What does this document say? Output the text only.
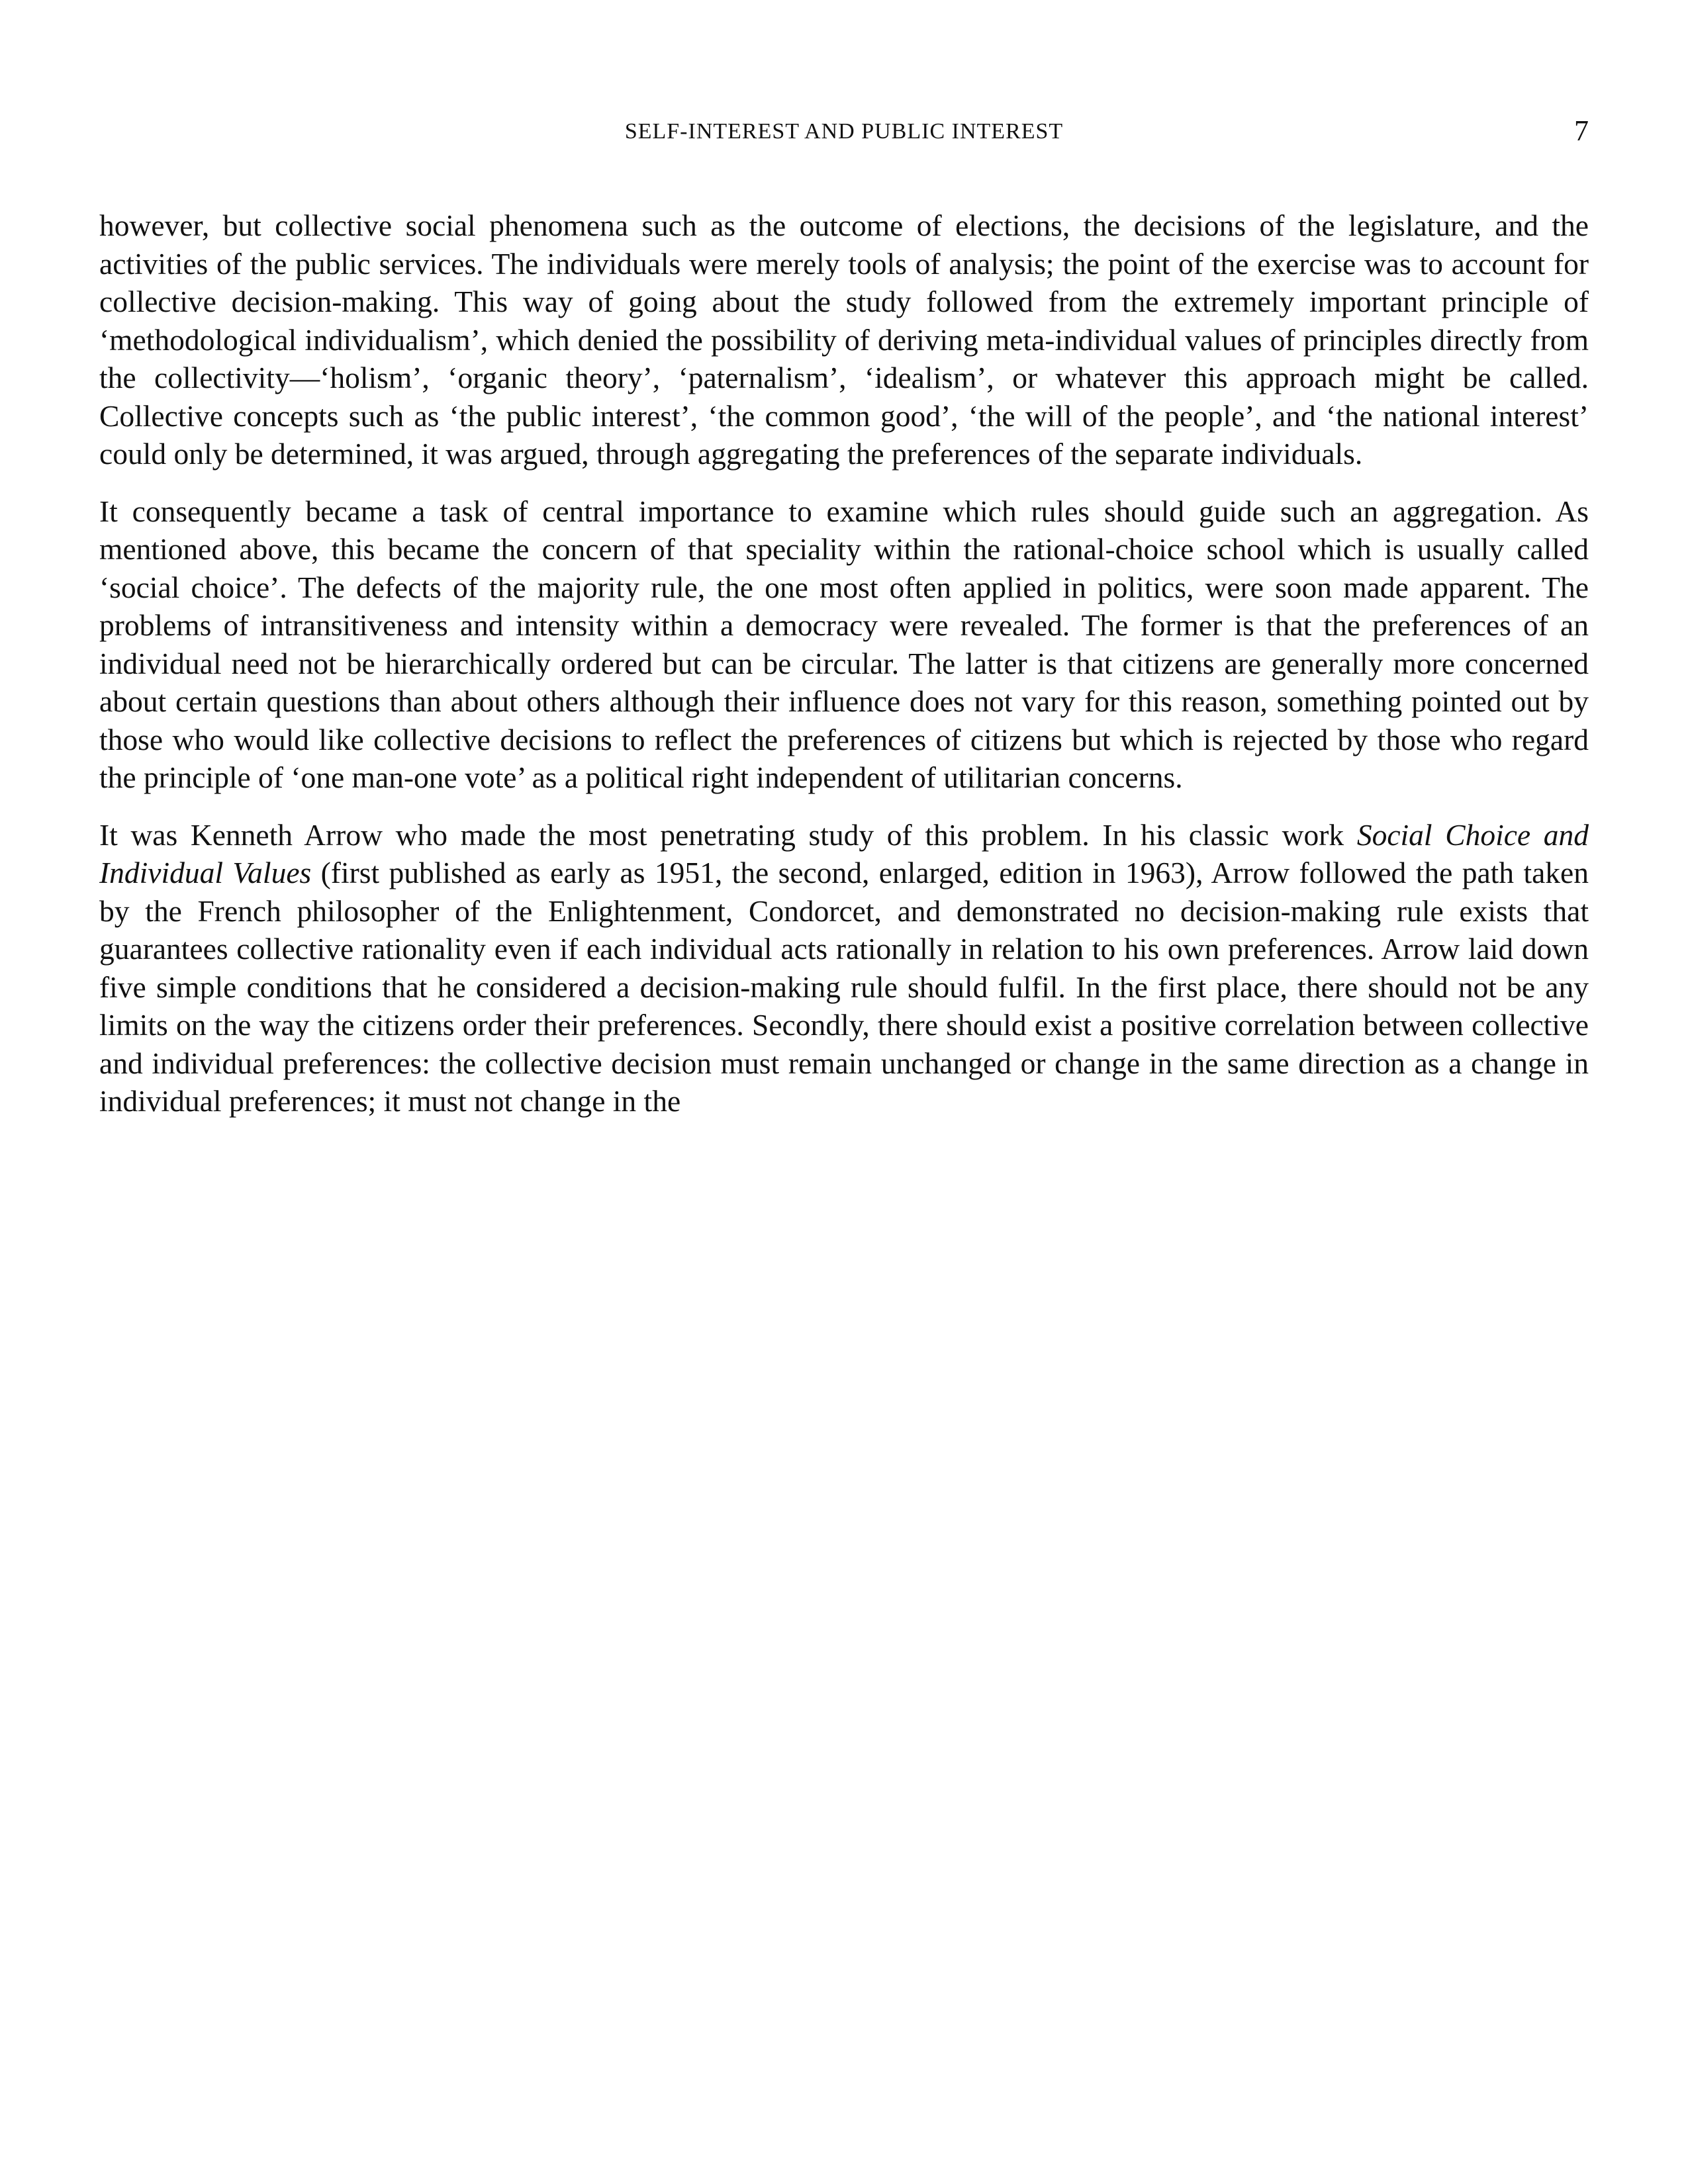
SELF-INTEREST AND PUBLIC INTEREST	7

however, but collective social phenomena such as the outcome of elections, the decisions of the legislature, and the activities of the public services. The individuals were merely tools of analysis; the point of the exercise was to account for collective decision-making. This way of going about the study followed from the extremely important principle of ‘methodological individualism’, which denied the possibility of deriving meta-individual values of principles directly from the collectivity—‘holism’, ‘organic theory’, ‘paternalism’, ‘idealism’, or whatever this approach might be called. Collective concepts such as ‘the public interest’, ‘the common good’, ‘the will of the people’, and ‘the national interest’ could only be determined, it was argued, through aggregating the preferences of the separate individuals.

It consequently became a task of central importance to examine which rules should guide such an aggregation. As mentioned above, this became the concern of that speciality within the rational-choice school which is usually called ‘social choice’. The defects of the majority rule, the one most often applied in politics, were soon made apparent. The problems of intransitiveness and intensity within a democracy were revealed. The former is that the preferences of an individual need not be hierarchically ordered but can be circular. The latter is that citizens are generally more concerned about certain questions than about others although their influence does not vary for this reason, something pointed out by those who would like collective decisions to reflect the preferences of citizens but which is rejected by those who regard the principle of ‘one man-one vote’ as a political right independent of utilitarian concerns.

It was Kenneth Arrow who made the most penetrating study of this problem. In his classic work Social Choice and Individual Values (first published as early as 1951, the second, enlarged, edition in 1963), Arrow followed the path taken by the French philosopher of the Enlightenment, Condorcet, and demonstrated no decision-making rule exists that guarantees collective rationality even if each individual acts rationally in relation to his own preferences. Arrow laid down five simple conditions that he considered a decision-making rule should fulfil. In the first place, there should not be any limits on the way the citizens order their preferences. Secondly, there should exist a positive correlation between collective and individual preferences: the collective decision must remain unchanged or change in the same direction as a change in individual preferences; it must not change in the
